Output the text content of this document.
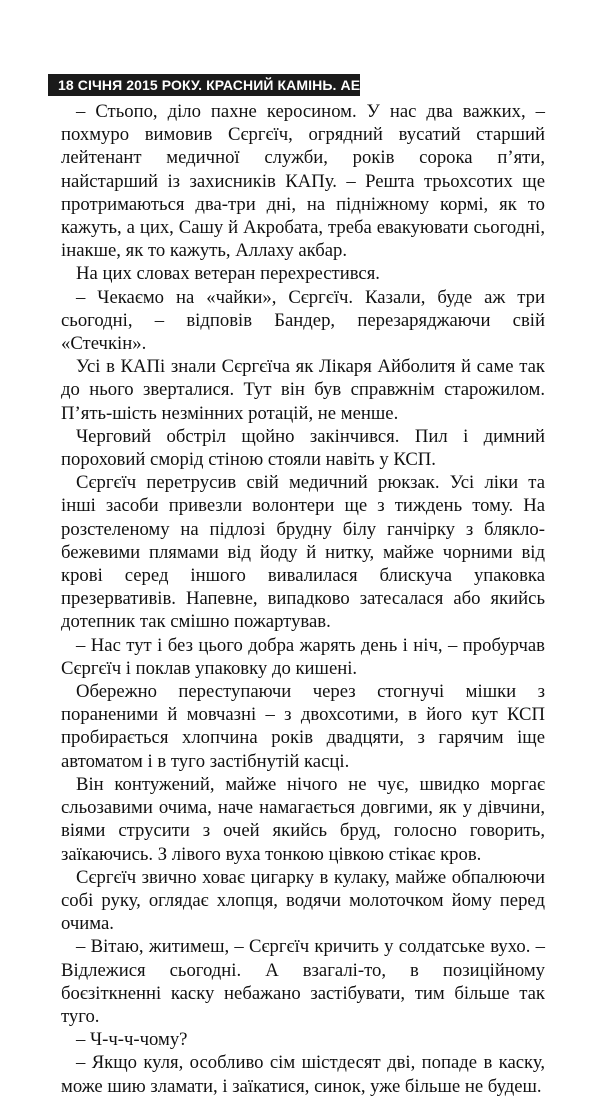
18 СІЧНЯ 2015 РОКУ. КРАСНИЙ КАМІНЬ. АЕРОПОРТ

– Стьопо, діло пахне керосином. У нас два важких, – похмуро вимовив Сєргєїч, огрядний вусатий старший лейтенант медичної служби, років сорока п’яти, найстарший із захисників КАПу. – Решта трьохсотих ще протримаються два-три дні, на підніжному кормі, як то кажуть, а цих, Сашу й Акробата, треба евакуювати сьогодні, інакше, як то кажуть, Аллаху акбар.

На цих словах ветеран перехрестився.

– Чекаємо на «чайки», Сєргєїч. Казали, буде аж три сьогодні, – відповів Бандер, перезаряджаючи свій «Стечкін».

Усі в КАПі знали Сєргєїча як Лікаря Айболитя й саме так до нього зверталися. Тут він був справжнім старожилом. П’ять-шість незмінних ротацій, не менше.

Черговий обстріл щойно закінчився. Пил і димний пороховий сморід стіною стояли навіть у КСП.

Сєргєїч перетрусив свій медичний рюкзак. Усі ліки та інші засоби привезли волонтери ще з тиждень тому. На розстеленому на підлозі брудну білу ганчірку з блякло-бежевими плямами від йоду й нитку, майже чорними від крові серед іншого вивалилася блискуча упаковка презервативів. Напевне, випадково затесалася або якийсь дотепник так смішно пожартував.

– Нас тут і без цього добра жарять день і ніч, – пробурчав Сєргєїч і поклав упаковку до кишені.

Обережно переступаючи через стогнучі мішки з пораненими й мовчазні – з двохсотими, в його кут КСП пробирається хлопчина років двадцяти, з гарячим іще автоматом і в тугo застібнутій касці.

Він контужений, майже нічого не чує, швидко моргає сльозавими очима, наче намагається довгими, як у дівчини, віями струсити з очей якийсь бруд, голосно говорить, заїкаючись. З лівого вуха тонкою цівкою стікає кров.

Сєргєїч звично ховає цигарку в кулаку, майже обпалюючи собі руку, оглядає хлопця, водячи молоточком йому перед очима.

– Вітаю, житимеш, – Сєргєїч кричить у солдатське вухо. – Відлежися сьогодні. А взагалі-то, в позиційному боєзіткненні каску небажано застібувати, тим більше так туго.

– Ч-ч-ч-чому?

– Якщо куля, особливо сім шістдесят дві, попаде в каску, може шию зламати, і заїкатися, синок, уже більше не будеш.
